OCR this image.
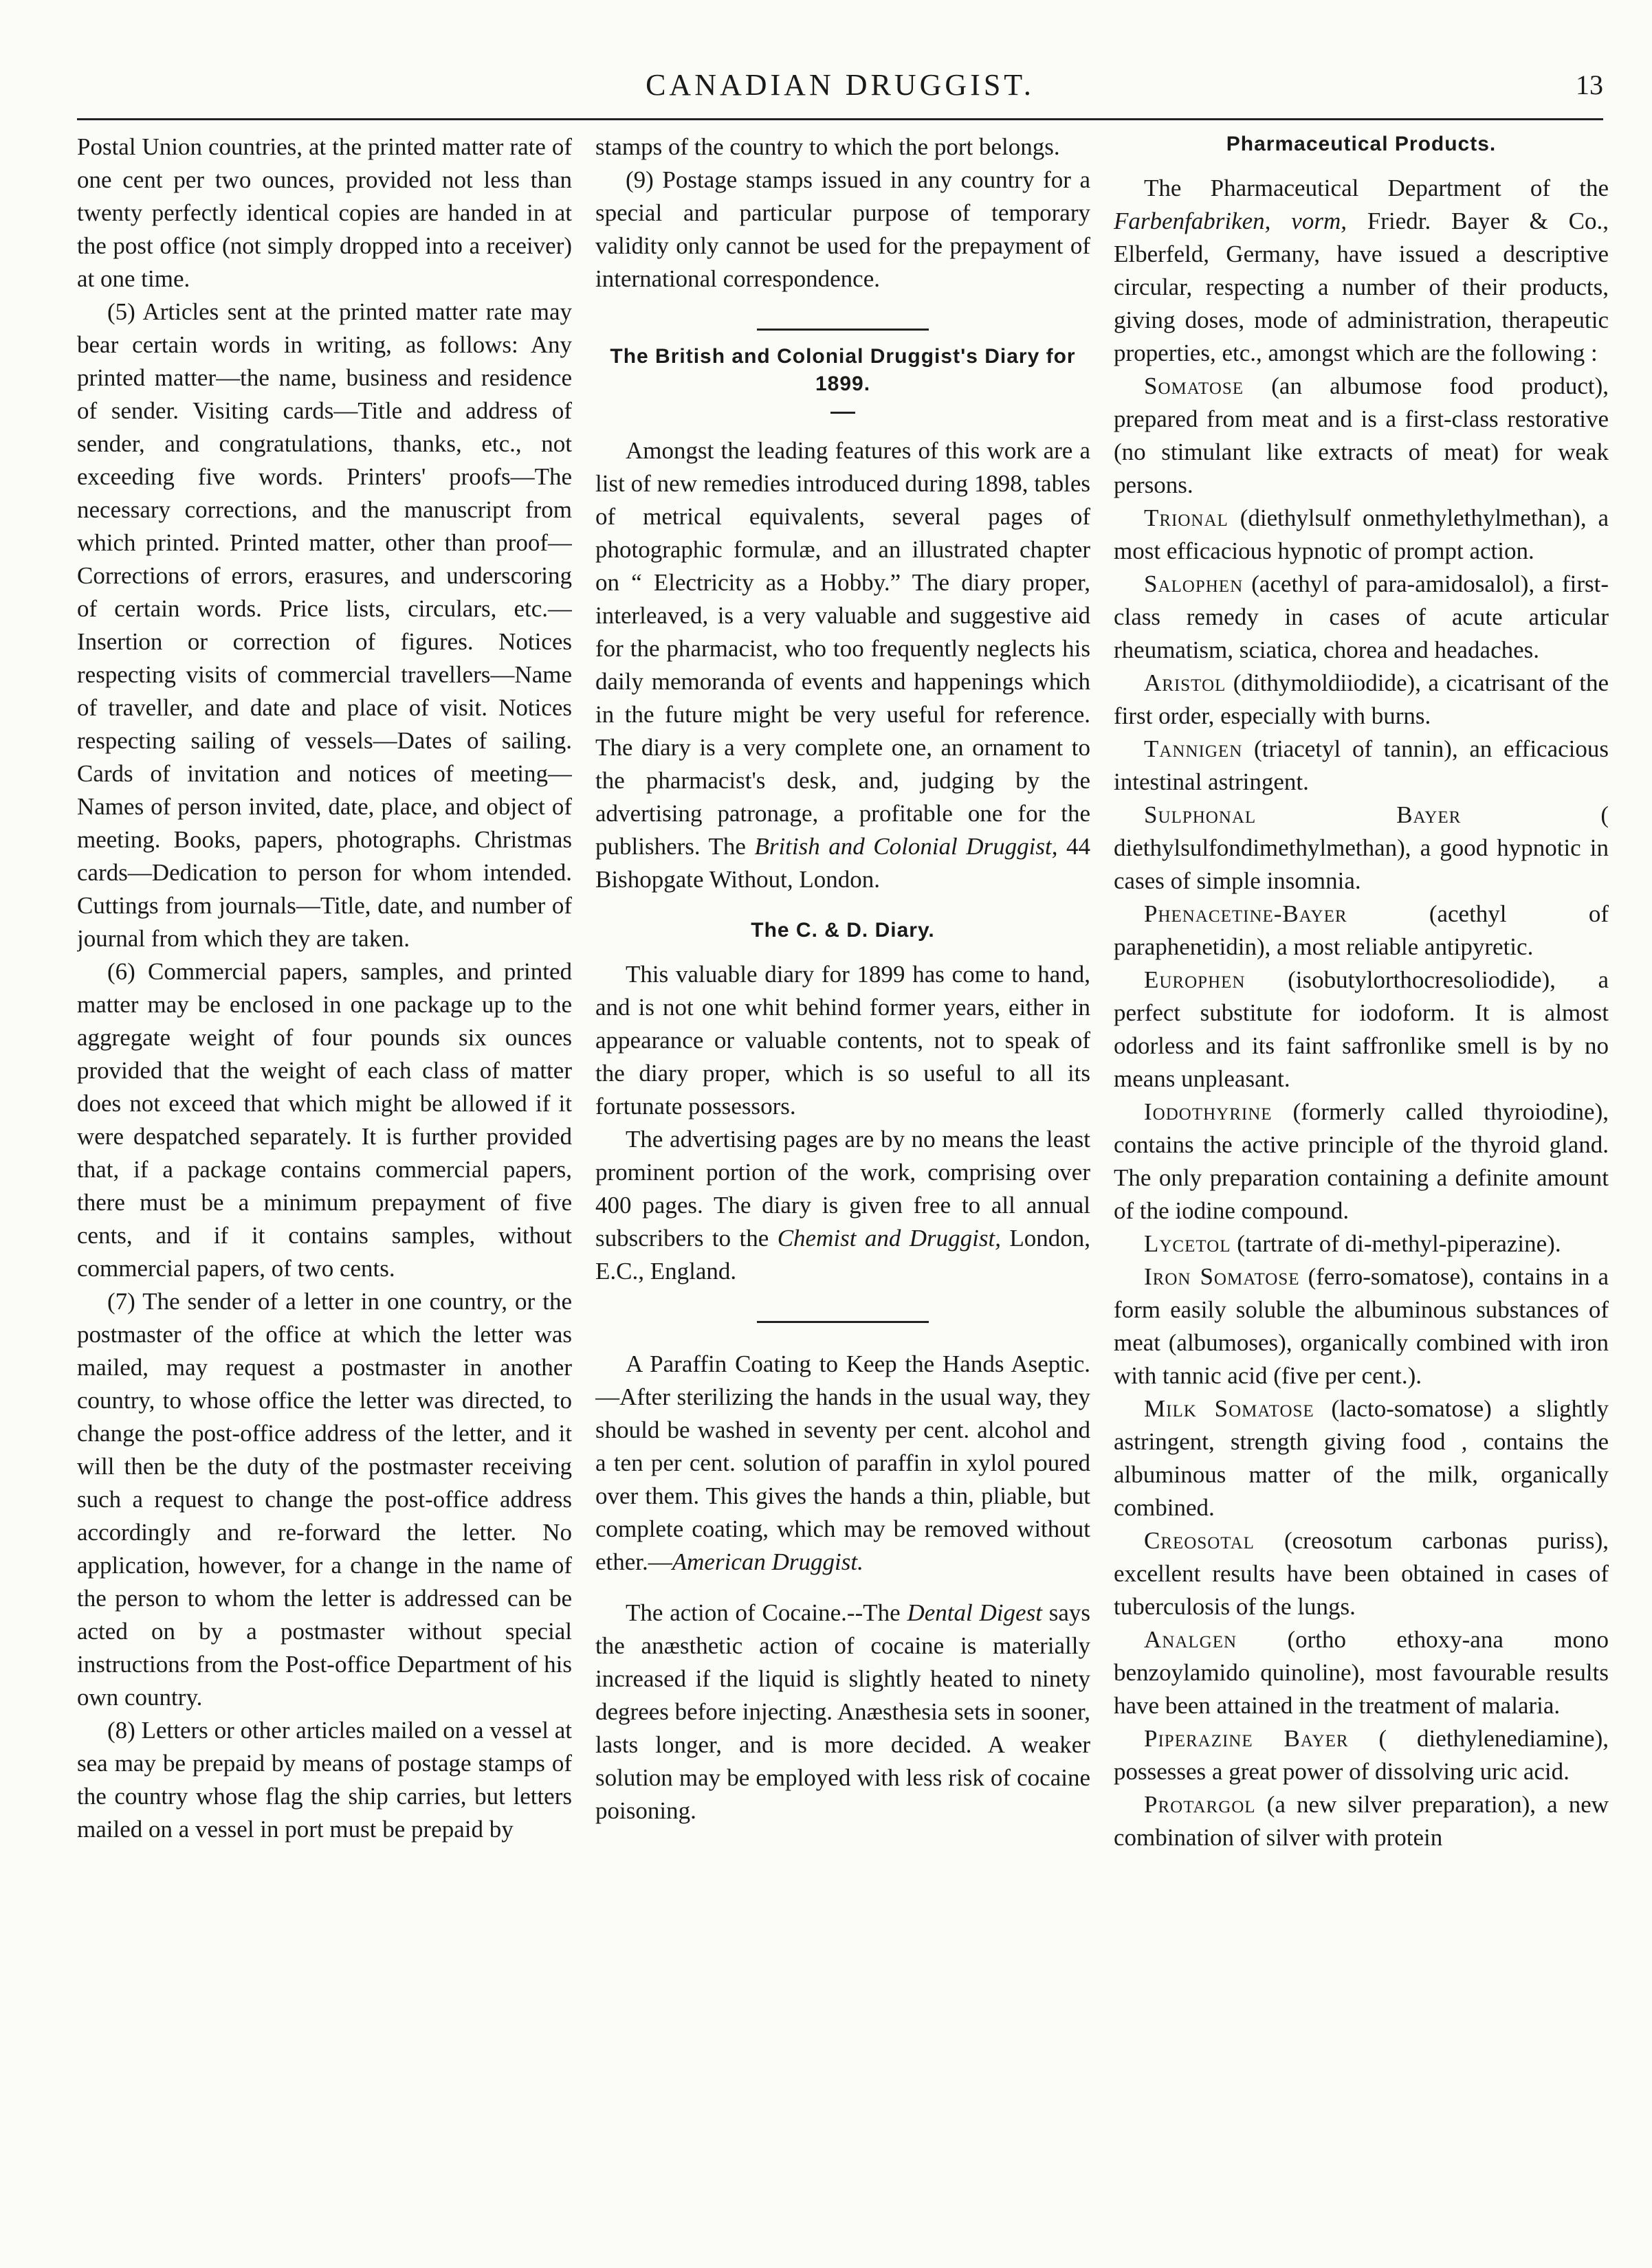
CANADIAN DRUGGIST.	13

Postal Union countries, at the printed matter rate of one cent per two ounces, provided not less than twenty perfectly identical copies are handed in at the post office (not simply dropped into a receiver) at one time.

(5) Articles sent at the printed matter rate may bear certain words in writing, as follows: Any printed matter—the name, business and residence of sender. Visiting cards—Title and address of sender, and congratulations, thanks, etc., not exceeding five words. Printers' proofs—The necessary corrections, and the manuscript from which printed. Printed matter, other than proof—Corrections of errors, erasures, and underscoring of certain words. Price lists, circulars, etc.—Insertion or correction of figures. Notices respecting visits of commercial travellers—Name of traveller, and date and place of visit. Notices respecting sailing of vessels—Dates of sailing. Cards of invitation and notices of meeting—Names of person invited, date, place, and object of meeting. Books, papers, photographs. Christmas cards—Dedication to person for whom intended. Cuttings from journals—Title, date, and number of journal from which they are taken.

(6) Commercial papers, samples, and printed matter may be enclosed in one package up to the aggregate weight of four pounds six ounces provided that the weight of each class of matter does not exceed that which might be allowed if it were despatched separately. It is further provided that, if a package contains commercial papers, there must be a minimum prepayment of five cents, and if it contains samples, without commercial papers, of two cents.

(7) The sender of a letter in one country, or the postmaster of the office at which the letter was mailed, may request a postmaster in another country, to whose office the letter was directed, to change the post-office address of the letter, and it will then be the duty of the postmaster receiving such a request to change the post-office address accordingly and re-forward the letter. No application, however, for a change in the name of the person to whom the letter is addressed can be acted on by a postmaster without special instructions from the Post-office Department of his own country.

(8) Letters or other articles mailed on a vessel at sea may be prepaid by means of postage stamps of the country whose flag the ship carries, but letters mailed on a vessel in port must be prepaid by

stamps of the country to which the port belongs.

(9) Postage stamps issued in any country for a special and particular purpose of temporary validity only cannot be used for the prepayment of international correspondence.

The British and Colonial Druggist's Diary for 1899.

Amongst the leading features of this work are a list of new remedies introduced during 1898, tables of metrical equivalents, several pages of photographic formulæ, and an illustrated chapter on “ Electricity as a Hobby.” The diary proper, interleaved, is a very valuable and suggestive aid for the pharmacist, who too frequently neglects his daily memoranda of events and happenings which in the future might be very useful for reference. The diary is a very complete one, an ornament to the pharmacist's desk, and, judging by the advertising patronage, a profitable one for the publishers. The British and Colonial Druggist, 44 Bishopgate Without, London.

The C. & D. Diary.

This valuable diary for 1899 has come to hand, and is not one whit behind former years, either in appearance or valuable contents, not to speak of the diary proper, which is so useful to all its fortunate possessors.

The advertising pages are by no means the least prominent portion of the work, comprising over 400 pages. The diary is given free to all annual subscribers to the Chemist and Druggist, London, E.C., England.

A Paraffin Coating to Keep the Hands Aseptic.—After sterilizing the hands in the usual way, they should be washed in seventy per cent. alcohol and a ten per cent. solution of paraffin in xylol poured over them. This gives the hands a thin, pliable, but complete coating, which may be removed without ether.—American Druggist.

The action of Cocaine.--The Dental Digest says the anæsthetic action of cocaine is materially increased if the liquid is slightly heated to ninety degrees before injecting. Anæsthesia sets in sooner, lasts longer, and is more decided. A weaker solution may be employed with less risk of cocaine poisoning.

Pharmaceutical Products.

The Pharmaceutical Department of the Farbenfabriken, vorm, Friedr. Bayer & Co., Elberfeld, Germany, have issued a descriptive circular, respecting a number of their products, giving doses, mode of administration, therapeutic properties, etc., amongst which are the following :

Somatose (an albumose food product), prepared from meat and is a first-class restorative (no stimulant like extracts of meat) for weak persons.

Trional (diethylsulf onmethylethylmethan), a most efficacious hypnotic of prompt action.

Salophen (acethyl of para-amidosalol), a first-class remedy in cases of acute articular rheumatism, sciatica, chorea and headaches.

Aristol (dithymoldiiodide), a cicatrisant of the first order, especially with burns.

Tannigen (triacetyl of tannin), an efficacious intestinal astringent.

Sulphonal Bayer	( diethylsulfondimethylmethan), a good hypnotic in cases of simple insomnia.

Phenacetine-Bayer	(acethyl of paraphenetidin), a most reliable antipyretic.

Europhen (isobutylorthocresoliodide), a perfect substitute for iodoform. It is almost odorless and its faint saffronlike smell is by no means unpleasant.

Iodothyrine (formerly called thyroiodine), contains the active principle of the thyroid gland. The only preparation containing a definite amount of the iodine compound.

Lycetol (tartrate of di-methyl-piperazine).

Iron Somatose (ferro-somatose), contains in a form easily soluble the albuminous substances of meat (albumoses), organically combined with iron with tannic acid (five per cent.).

Milk Somatose (lacto-somatose) a slightly astringent, strength giving food , contains the albuminous matter of the milk, organically combined.

Creosotal (creosotum carbonas puriss), excellent results have been obtained in cases of tuberculosis of the lungs.

Analgen (ortho ethoxy-ana mono benzoylamido quinoline), most favourable results have been attained in the treatment of malaria.

Piperazine Bayer ( diethylenediamine), possesses a great power of dissolving uric acid.

Protargol (a new silver preparation), a new combination of silver with protein
